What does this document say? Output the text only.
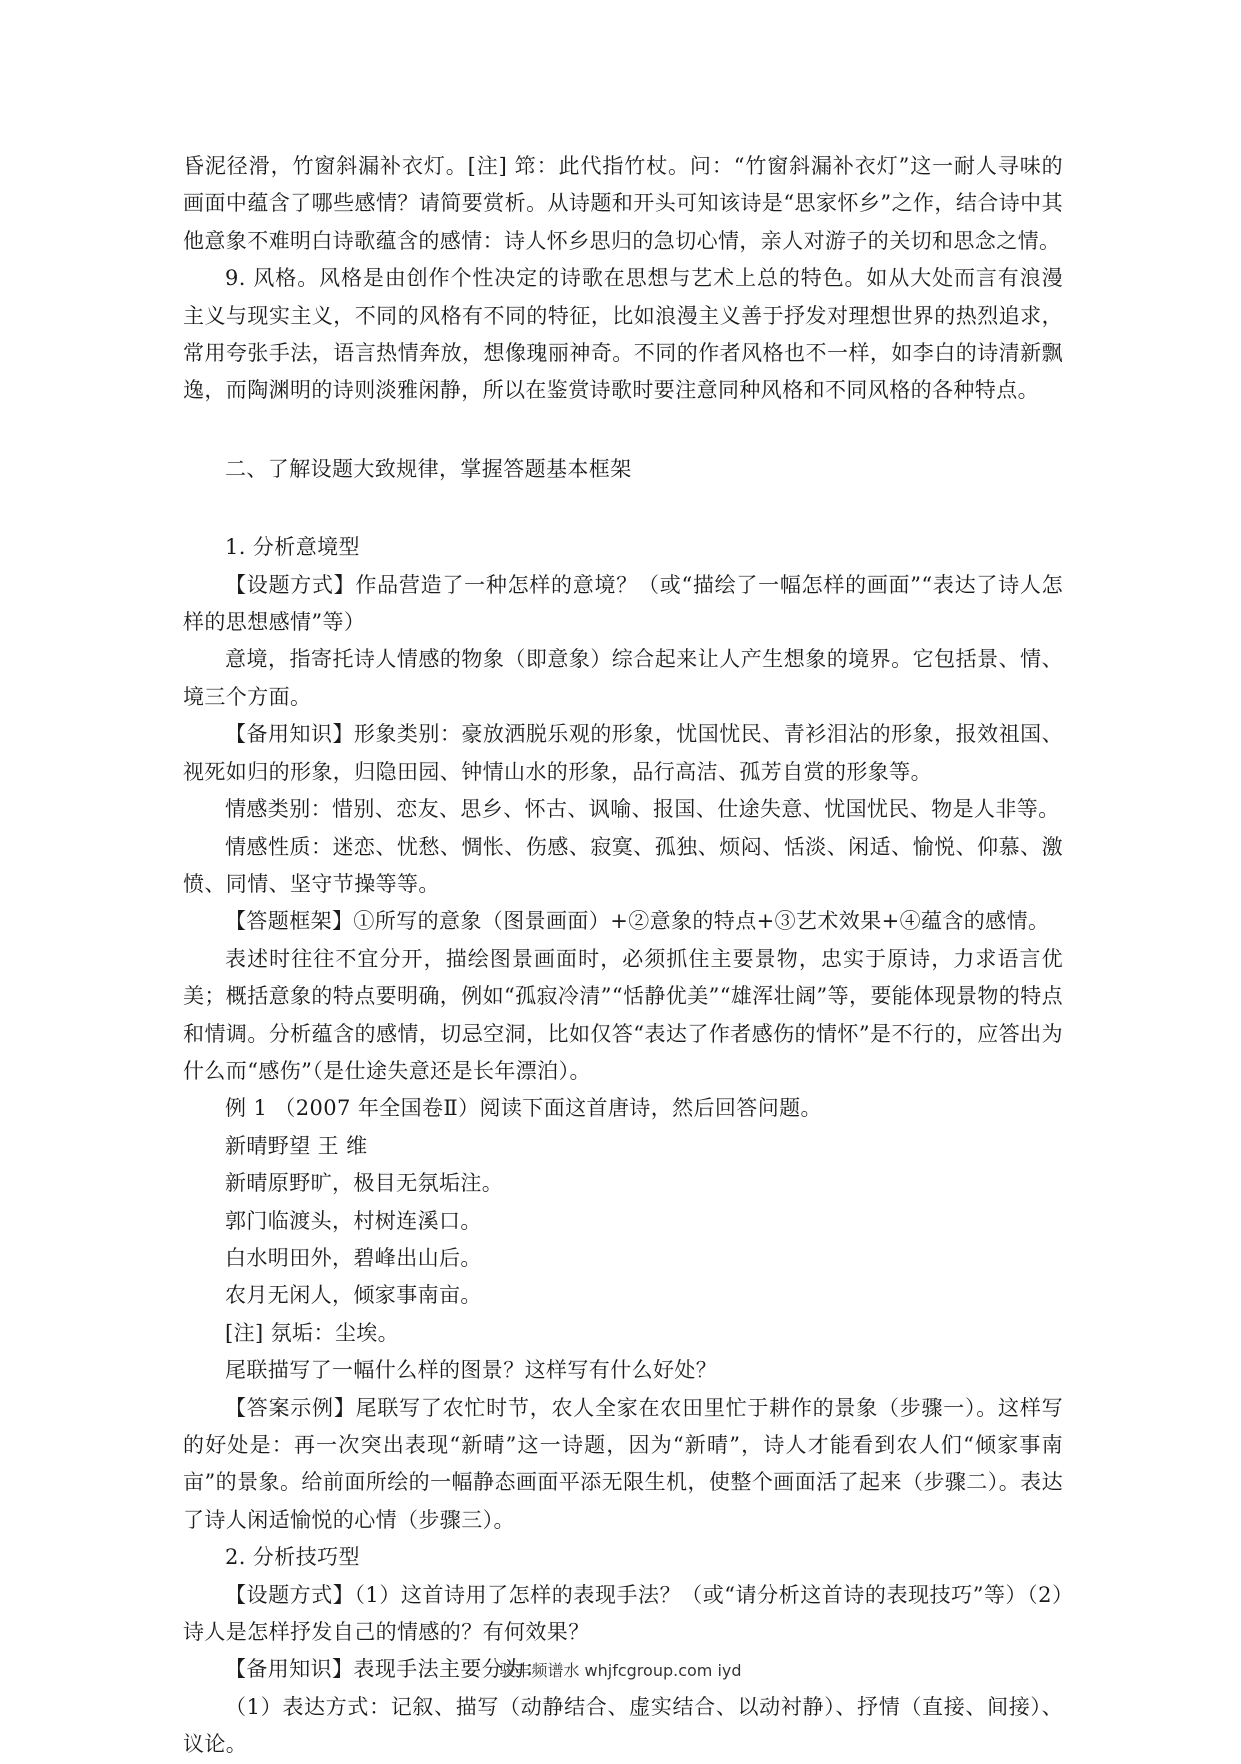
昏泥径滑，竹窗斜漏补衣灯。[注] 筇：此代指竹杖。问：“竹窗斜漏补衣灯”这一耐人寻味的画面中蕴含了哪些感情？请简要赏析。从诗题和开头可知该诗是“思家怀乡”之作，结合诗中其他意象不难明白诗歌蕴含的感情：诗人怀乡思归的急切心情，亲人对游子的关切和思念之情。

9. 风格。风格是由创作个性决定的诗歌在思想与艺术上总的特色。如从大处而言有浪漫主义与现实主义，不同的风格有不同的特征，比如浪漫主义善于抒发对理想世界的热烈追求，常用夸张手法，语言热情奔放，想像瑰丽神奇。不同的作者风格也不一样，如李白的诗清新飘逸，而陶渊明的诗则淡雅闲静，所以在鉴赏诗歌时要注意同种风格和不同风格的各种特点。

二、了解设题大致规律，掌握答题基本框架

1. 分析意境型

【设题方式】作品营造了一种怎样的意境？（或“描绘了一幅怎样的画面”“表达了诗人怎样的思想感情”等）

意境，指寄托诗人情感的物象（即意象）综合起来让人产生想象的境界。它包括景、情、境三个方面。

【备用知识】形象类别：豪放洒脱乐观的形象，忧国忧民、青衫泪沾的形象，报效祖国、视死如归的形象，归隐田园、钟情山水的形象，品行高洁、孤芳自赏的形象等。

情感类别：惜别、恋友、思乡、怀古、讽喻、报国、仕途失意、忧国忧民、物是人非等。

情感性质：迷恋、忧愁、惆怅、伤感、寂寞、孤独、烦闷、恬淡、闲适、愉悦、仰慕、激愤、同情、坚守节操等等。

【答题框架】①所写的意象（图景画面）+②意象的特点+③艺术效果+④蕴含的感情。

表述时往往不宜分开，描绘图景画面时，必须抓住主要景物，忠实于原诗，力求语言优美；概括意象的特点要明确，例如“孤寂冷清”“恬静优美”“雄浑壮阔”等，要能体现景物的特点和情调。分析蕴含的感情，切忌空洞，比如仅答“表达了作者感伤的情怀”是不行的，应答出为什么而“感伤”（是仕途失意还是长年漂泊）。

例 1 （2007 年全国卷Ⅱ）阅读下面这首唐诗，然后回答问题。

新晴野望 王 维

新晴原野旷，极目无氛垢注。

郭门临渡头，村树连溪口。

白水明田外，碧峰出山后。

农月无闲人，倾家事南亩。

[注] 氛垢：尘埃。

尾联描写了一幅什么样的图景？这样写有什么好处？

【答案示例】尾联写了农忙时节，农人全家在农田里忙于耕作的景象（步骤一）。这样写的好处是：再一次突出表现“新晴”这一诗题，因为“新晴”，诗人才能看到农人们“倾家事南亩”的景象。给前面所绘的一幅静态画面平添无限生机，使整个画面活了起来（步骤二）。表达了诗人闲适愉悦的心情（步骤三）。

2. 分析技巧型

【设题方式】（1）这首诗用了怎样的表现手法？（或“请分析这首诗的表现技巧”等）（2）诗人是怎样抒发自己的情感的？有何效果？

【备用知识】表现手法主要分为：

（1）表达方式：记叙、描写（动静结合、虚实结合、以动衬静）、抒情（直接、间接）、议论。

骏丰频谱水 whjfcgroup.com iyd
